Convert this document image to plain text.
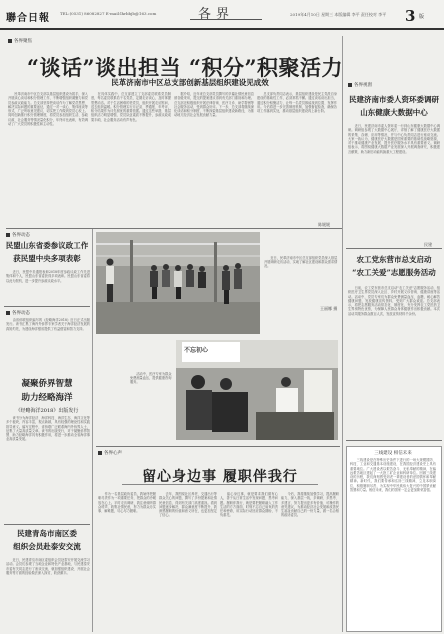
聯合日報	TEL:(0531) 86082827 E-mail:lhrbbjb@163.com	各界	2019年4月10日 星期三 本版编辑 李平 责任校对 李平 3 版
各界聚焦
“谈话”谈出担当 “积分”积聚活力
民革济南市中区总支部创新基层组织建设见成效
　　民革济南市中区总支部以基层组织建设为抓手，深入开展谈心谈话和积分管理工作，不断增强组织凝聚力和党员参政议政能力。总支部坚持把谈话作为了解党员思想、解决实际问题的重要途径，通过一对一谈心、集体座谈等形式，广泛听取意见建议，切实把工作做到党员心坎上。同时创新推行积分管理制度，将党员参加组织生活、参政议政、社会服务等情况量化积分，年终评比表彰，有效调动了广大党员的积极性和主动性。
　　在具体实践中，总支部建立了支部委员联系党员制度，每名委员联系若干名党员，定期走访谈心，及时掌握思想动态。对于生活困难的老党员，组织开展走访慰问，送去组织温暖。积分管理实行月记录、季通报、年考评，积分结果作为评先树优的重要依据。通过这些举措，基层组织活力明显增强，党员队伍素质不断提升，参政议政成果丰硕，社会服务活动有声有色。
　　据介绍，近年来总支部党员撰写的多篇社情民意信息被各级采用，提交的提案建议得到有关部门重视和办理。总支部还积极组织开展法律咨询、医疗义诊、助学帮困等社会服务活动，受到群众好评。下一步，总支部将继续深化谈话和积分制度，不断探索基层组织建设新路径，为推动地方经济社会发展贡献力量。
　　总支部负责同志表示，基层组织建设是民主党派自身建设的基础性工作，必须常抓不懈。通过谈话谈出担当，通过积分积聚活力，让每一名党员都能找到位置、发挥作用。今后将进一步完善制度机制，加强督促检查，确保各项工作落到实处，推动基层组织建设再上新台阶。
陈媛媛
各界视窗
民建济南市委人资环委调研
山东健康大数据中心
　　近日，民建济南市委人资环委一行到山东健康大数据中心调研。调研组参观了大数据中心展厅，详细了解了健康医疗大数据的采集、存储、应用等情况，并与中心负责同志进行座谈交流。大家一致认为，健康医疗大数据是国家重要的基础性战略资源，对于推动健康产业发展、提升医疗服务水平具有重要意义。调研组表示，将围绕健康大数据产业发展深入开展调查研究，积极建言献策，助力新旧动能转换重大工程建设。
民建
农工党东营市总支启动
“农工关爱”志愿服务活动
　　日前，农工党东营市总支启动"农工关爱"志愿服务活动，组织医疗卫生界党员深入社区、乡村开展义诊咨询、健康讲座等活动。活动中，党员专家们为群众免费测量血压、血糖，耐心解答健康问题，发放健康宣传资料，受到广大群众欢迎。总支部表示，将把志愿服务活动常态化、制度化，充分发挥农工党医药卫生界别特色优势，为保障人民群众身体健康作出积极贡献。本次活动共服务群众数百人次，发放宣传材料千余份。
三线建设 相信未来
　　三线建设是在特殊历史条件下进行的一场大规模国防、科技、工业和交通基本设施建设，在我国经济建设史上具有重要地位。广大建设者以艰苦奋斗、无私奉献的精神，在偏远艰苦地区建起了一大批工矿企业和科研单位。回顾三线建设的历程，我们深刻感受到老一辈建设者的爱国情怀和奉献精神。新时代，我们要传承和弘扬三线精神，立足本职岗位，积极履职尽责，为实现中华民族伟大复兴的中国梦贡献智慧和力量。相信未来，我们的国家一定会更加繁荣富强。
各界动态
民盟山东省委参议政工作
获民盟中央多项表彰
　　近日，民盟中央通报表彰2018年度参政议政工作先进集体和个人，民盟山东省委获得多项表彰。民盟山东省委将以此为契机，进一步提升参政议政水平。
各界动态
　　由省侨联组织编写的《经略海洋2018》近日正式出版发行。该书汇集了海内外侨界专家学者关于海洋经济发展的真知灼见，为建设海洋强省提供了有益借鉴和智力支持。
凝聚侨界智慧
助力经略海洋
《经略海洋2018》出版发行
　　该书分为海洋经济、海洋科技、海洋生态、海洋文化等多个板块，内容丰富，观点新颖，具有较强的理论性和实践指导意义。编写过程中，省侨联广泛联系海内外侨界人士，征集了大量高质量文章。该书的出版发行，对于凝聚侨界智慧、助力经略海洋具有积极作用，将进一步推动全省海洋事业高质量发展。
民建青岛市南区委
组织会员赴泰安交流
　　近日，民建青岛市南区委组织会员赴泰安开展交流学习活动。会员们参观了当地企业和特色产业基地，与民建泰安市委有关同志进行了座谈交流，就加强组织建设、开展社会服务等方面的经验做法深入探讨，收获颇丰。
　　近日，民革济南市中区总支部组织党员深入基层开展调研走访活动，实地了解社区建设和群众需求情况。
王丽娜 摄
不忘初心
　　活动中，医疗专家为群众免费测量血压，提供健康咨询服务。
各界心声
留心身边事 履职伴我行
　　作为一名基层政协委员，我始终把履职尽责作为一项重要任务，把群众的冷暖放在心上。平时走访调研，我注意倾听群众呼声，收集社情民意，努力为群众办实事、解难题，尽心尽力履职。
　　去年，我围绕社区养老、交通出行等群众关心的问题，撰写了多份提案和社情民意信息，得到有关部门高度重视。看到问题逐步解决，群众满意度不断提升，我深感履职的价值和意义所在，也更加坚定了信心。
　　留心身边事，就是要求我们做有心人，善于从日常生活中发现问题、思考问题。履职伴我行，就是要把履职融入工作生活的方方面面，时刻不忘自己肩负的责任和使命，用实际行动回应群众期盼，不负重托。
　　今后，我将继续加强学习，提高履职能力，深入基层一线，多调研、多思考、多建言，努力提出更多有价值、可操作的意见建议，为推动经济社会发展和改善民生福祉贡献自己的一份力量，做一名合格的政协委员。
